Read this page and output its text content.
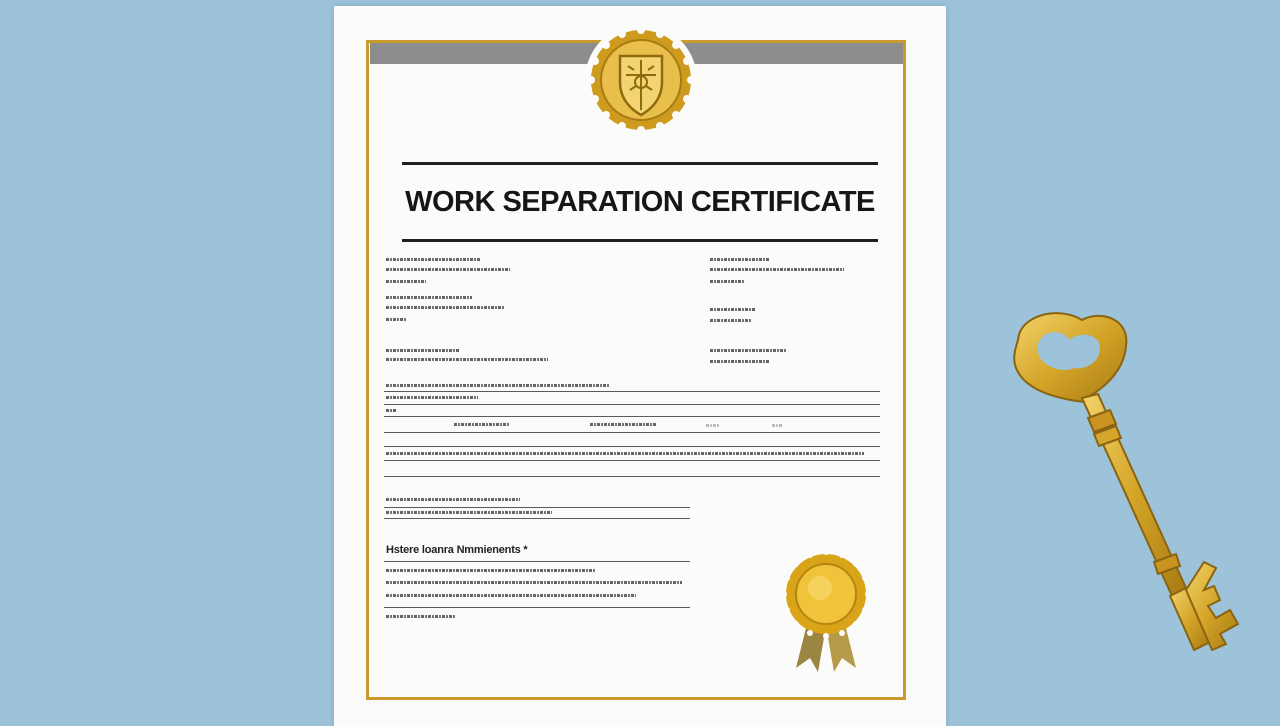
WORK SEPARATION CERTIFICATE
Hstere loanra Nmmienents *
